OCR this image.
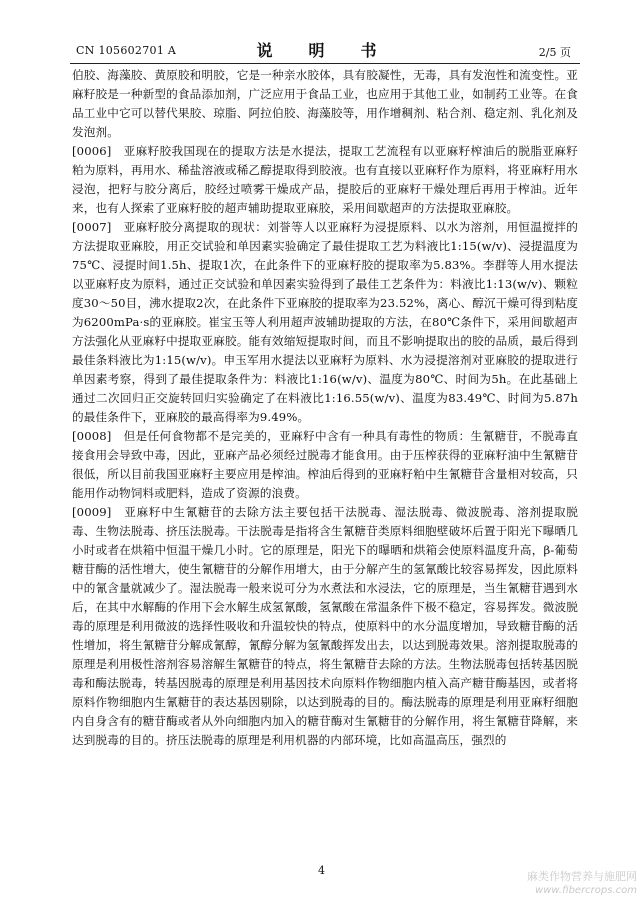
CN 105602701 A	说　明　书	2/5 页

伯胶、海藻胶、黄原胶和明胶，它是一种亲水胶体，具有胶凝性，无毒，具有发泡性和流变性。亚麻籽胶是一种新型的食品添加剂，广泛应用于食品工业，也应用于其他工业，如制药工业等。在食品工业中它可以替代果胶、琼脂、阿拉伯胶、海藻胶等，用作增稠剂、粘合剂、稳定剂、乳化剂及发泡剂。

[0006]　亚麻籽胶我国现在的提取方法是水提法，提取工艺流程有以亚麻籽榨油后的脱脂亚麻籽粕为原料，再用水、稀盐溶液或稀乙醇提取得到胶液。也有直接以亚麻籽作为原料，将亚麻籽用水浸泡，把籽与胶分离后，胶经过喷雾干燥成产品，提胶后的亚麻籽干燥处理后再用于榨油。近年来，也有人探索了亚麻籽胶的超声辅助提取亚麻胶，采用间歇超声的方法提取亚麻胶。

[0007]　亚麻籽胶分离提取的现状：刘誉等人以亚麻籽为浸提原料、以水为溶剂，用恒温搅拌的方法提取亚麻胶，用正交试验和单因素实验确定了最佳提取工艺为料液比1:15(w/v)、浸提温度为75℃、浸提时间1.5h、提取1次，在此条件下的亚麻籽胶的提取率为5.83%。李群等人用水提法以亚麻籽皮为原料，通过正交试验和单因素实验得到了最佳工艺条件为：料液比1:13(w/v)、颗粒度30～50目，沸水提取2次，在此条件下亚麻胶的提取率为23.52%，离心、醇沉干燥可得到粘度为6200mPa·s的亚麻胶。崔宝玉等人利用超声波辅助提取的方法，在80℃条件下，采用间歇超声方法强化从亚麻籽中提取亚麻胶。能有效缩短提取时间，而且不影响提取出的胶的品质，最后得到最佳条料液比为1:15(w/v)。申玉军用水提法以亚麻籽为原料、水为浸提溶剂对亚麻胶的提取进行单因素考察，得到了最佳提取条件为：料液比1:16(w/v)、温度为80℃、时间为5h。在此基础上通过二次回归正交旋转回归实验确定了在料液比1:16.55(w/v)、温度为83.49℃、时间为5.87h的最佳条件下，亚麻胶的最高得率为9.49%。

[0008]　但是任何食物都不是完美的，亚麻籽中含有一种具有毒性的物质：生氰糖苷，不脱毒直接食用会导致中毒，因此，亚麻产品必须经过脱毒才能食用。由于压榨获得的亚麻籽油中生氰糖苷很低，所以目前我国亚麻籽主要应用是榨油。榨油后得到的亚麻籽粕中生氰糖苷含量相对较高，只能用作动物饲料或肥料，造成了资源的浪费。

[0009]　亚麻籽中生氰糖苷的去除方法主要包括干法脱毒、湿法脱毒、微波脱毒、溶剂提取脱毒、生物法脱毒、挤压法脱毒。干法脱毒是指将含生氰糖苷类原料细胞壁破坏后置于阳光下曝晒几小时或者在烘箱中恒温干燥几小时。它的原理是，阳光下的曝晒和烘箱会使原料温度升高，β-葡萄糖苷酶的活性增大，使生氰糖苷的分解作用增大，由于分解产生的氢氰酸比较容易挥发，因此原料中的氰含量就减少了。湿法脱毒一般来说可分为水煮法和水浸法，它的原理是，当生氰糖苷遇到水后，在其中水解酶的作用下会水解生成氢氰酸，氢氰酸在常温条件下极不稳定，容易挥发。微波脱毒的原理是利用微波的选择性吸收和升温较快的特点，使原料中的水分温度增加，导致糖苷酶的活性增加，将生氰糖苷分解成氰醇，氰醇分解为氢氰酸挥发出去，以达到脱毒效果。溶剂提取脱毒的原理是利用极性溶剂容易溶解生氰糖苷的特点，将生氰糖苷去除的方法。生物法脱毒包括转基因脱毒和酶法脱毒，转基因脱毒的原理是利用基因技术向原料作物细胞内植入高产糖苷酶基因，或者将原料作物细胞内生氰糖苷的表达基因剔除，以达到脱毒的目的。酶法脱毒的原理是利用亚麻籽细胞内自身含有的糖苷酶或者从外向细胞内加入的糖苷酶对生氰糖苷的分解作用，将生氰糖苷降解，来达到脱毒的目的。挤压法脱毒的原理是利用机器的内部环境，比如高温高压，强烈的

4	麻类作物营养与施肥网
www.fibercrops.com
